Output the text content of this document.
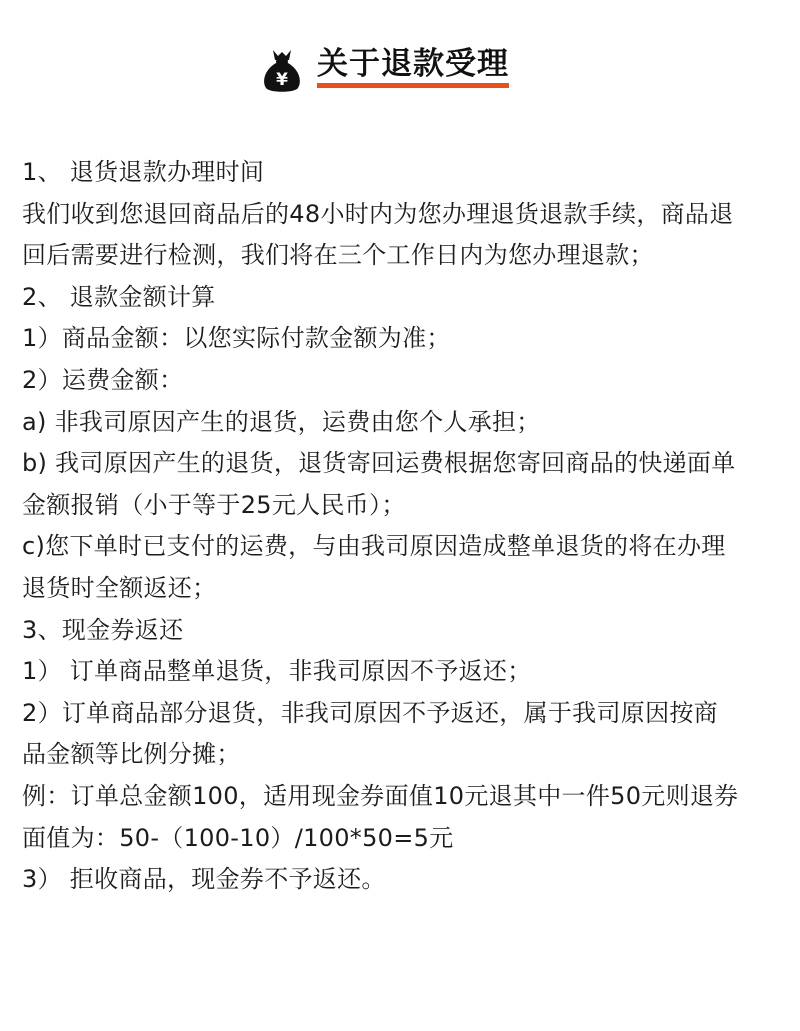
¥ 关于退款受理
1、 退货退款办理时间
我们收到您退回商品后的48小时内为您办理退货退款手续，商品退
回后需要进行检测，我们将在三个工作日内为您办理退款；
2、 退款金额计算
1）商品金额：以您实际付款金额为准；
2）运费金额：
a) 非我司原因产生的退货，运费由您个人承担；
b) 我司原因产生的退货，退货寄回运费根据您寄回商品的快递面单
金额报销（小于等于25元人民币）；
c)您下单时已支付的运费，与由我司原因造成整单退货的将在办理
退货时全额返还；
3、现金券返还
1） 订单商品整单退货，非我司原因不予返还；
2）订单商品部分退货，非我司原因不予返还，属于我司原因按商
品金额等比例分摊；
例：订单总金额100，适用现金券面值10元退其中一件50元则退券
面值为：50-（100-10）/100*50=5元
3） 拒收商品，现金券不予返还。
